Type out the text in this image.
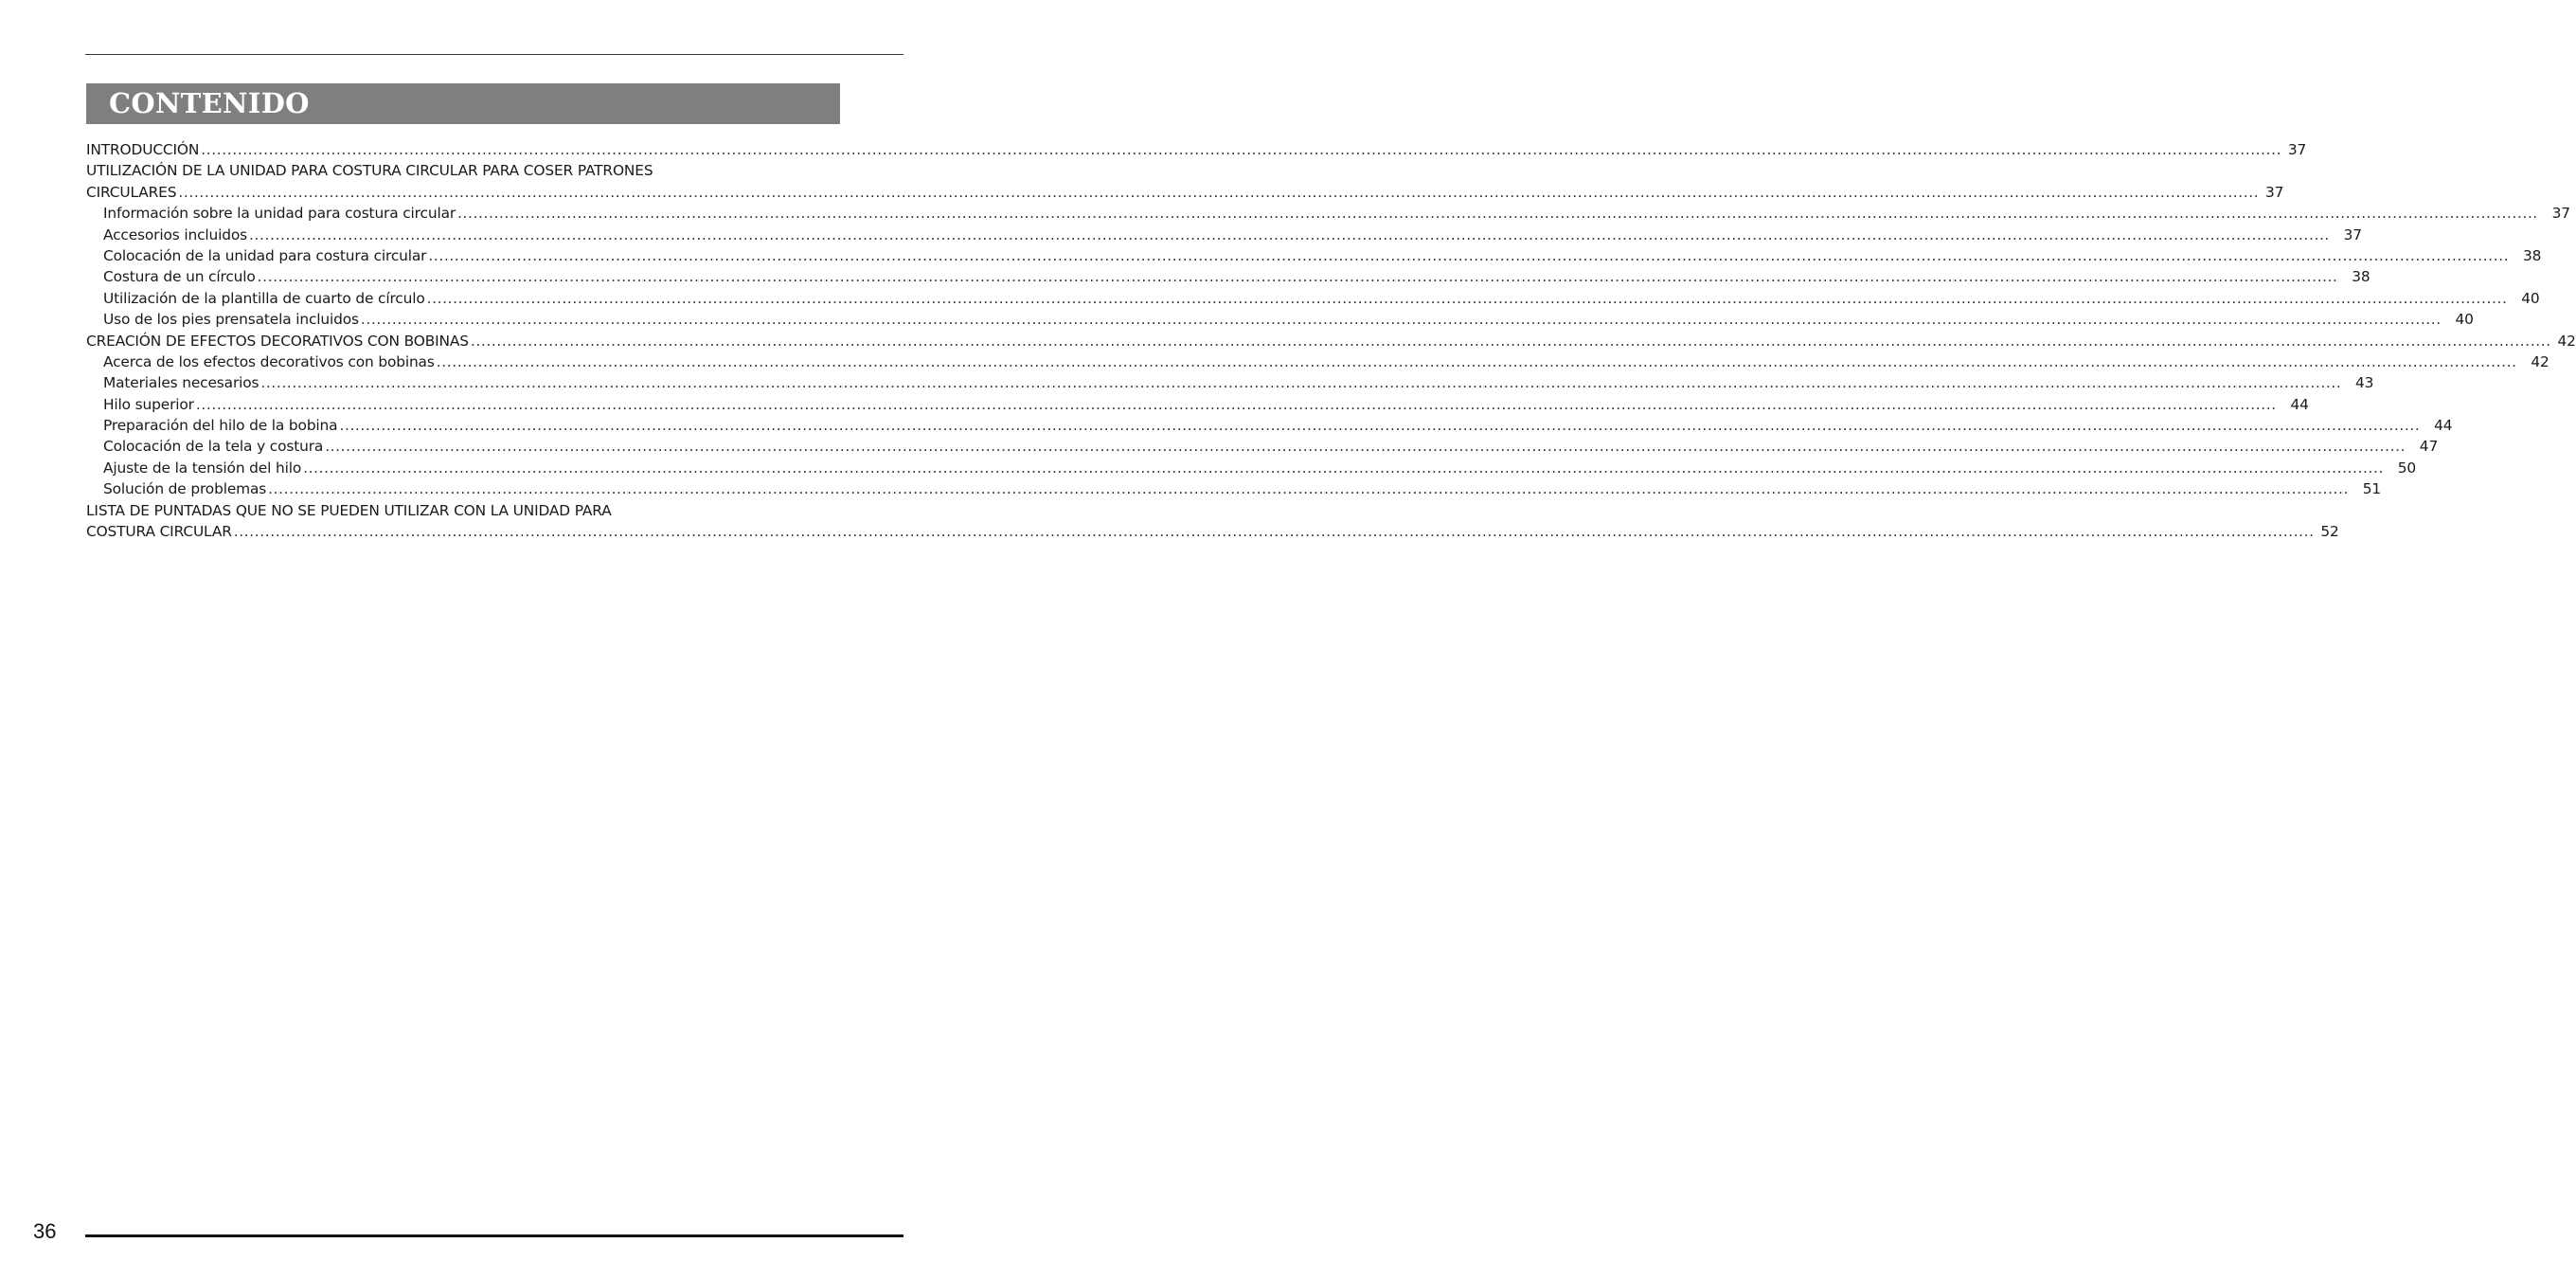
CONTENIDO
INTRODUCCIÓN ................................................................................................................................................................................................................................................................................................................................................................................................................ 37
UTILIZACIÓN DE LA UNIDAD PARA COSTURA CIRCULAR PARA COSER PATRONES
CIRCULARES ................................................................................................................................................................................................................................................................................................................................................................................................................ 37
Información sobre la unidad para costura circular ................................................................................................................................................................................................................................................................................................................................................................................................................ 37
Accesorios incluidos ................................................................................................................................................................................................................................................................................................................................................................................................................ 37
Colocación de la unidad para costura circular ................................................................................................................................................................................................................................................................................................................................................................................................................ 38
Costura de un círculo ................................................................................................................................................................................................................................................................................................................................................................................................................ 38
Utilización de la plantilla de cuarto de círculo ................................................................................................................................................................................................................................................................................................................................................................................................................ 40
Uso de los pies prensatela incluidos ................................................................................................................................................................................................................................................................................................................................................................................................................ 40
CREACIÓN DE EFECTOS DECORATIVOS CON BOBINAS ................................................................................................................................................................................................................................................................................................................................................................................................................ 42
Acerca de los efectos decorativos con bobinas ................................................................................................................................................................................................................................................................................................................................................................................................................ 42
Materiales necesarios ................................................................................................................................................................................................................................................................................................................................................................................................................ 43
Hilo superior ................................................................................................................................................................................................................................................................................................................................................................................................................ 44
Preparación del hilo de la bobina ................................................................................................................................................................................................................................................................................................................................................................................................................ 44
Colocación de la tela y costura ................................................................................................................................................................................................................................................................................................................................................................................................................ 47
Ajuste de la tensión del hilo ................................................................................................................................................................................................................................................................................................................................................................................................................ 50
Solución de problemas ................................................................................................................................................................................................................................................................................................................................................................................................................ 51
LISTA DE PUNTADAS QUE NO SE PUEDEN UTILIZAR CON LA UNIDAD PARA
COSTURA CIRCULAR ................................................................................................................................................................................................................................................................................................................................................................................................................ 52
36
